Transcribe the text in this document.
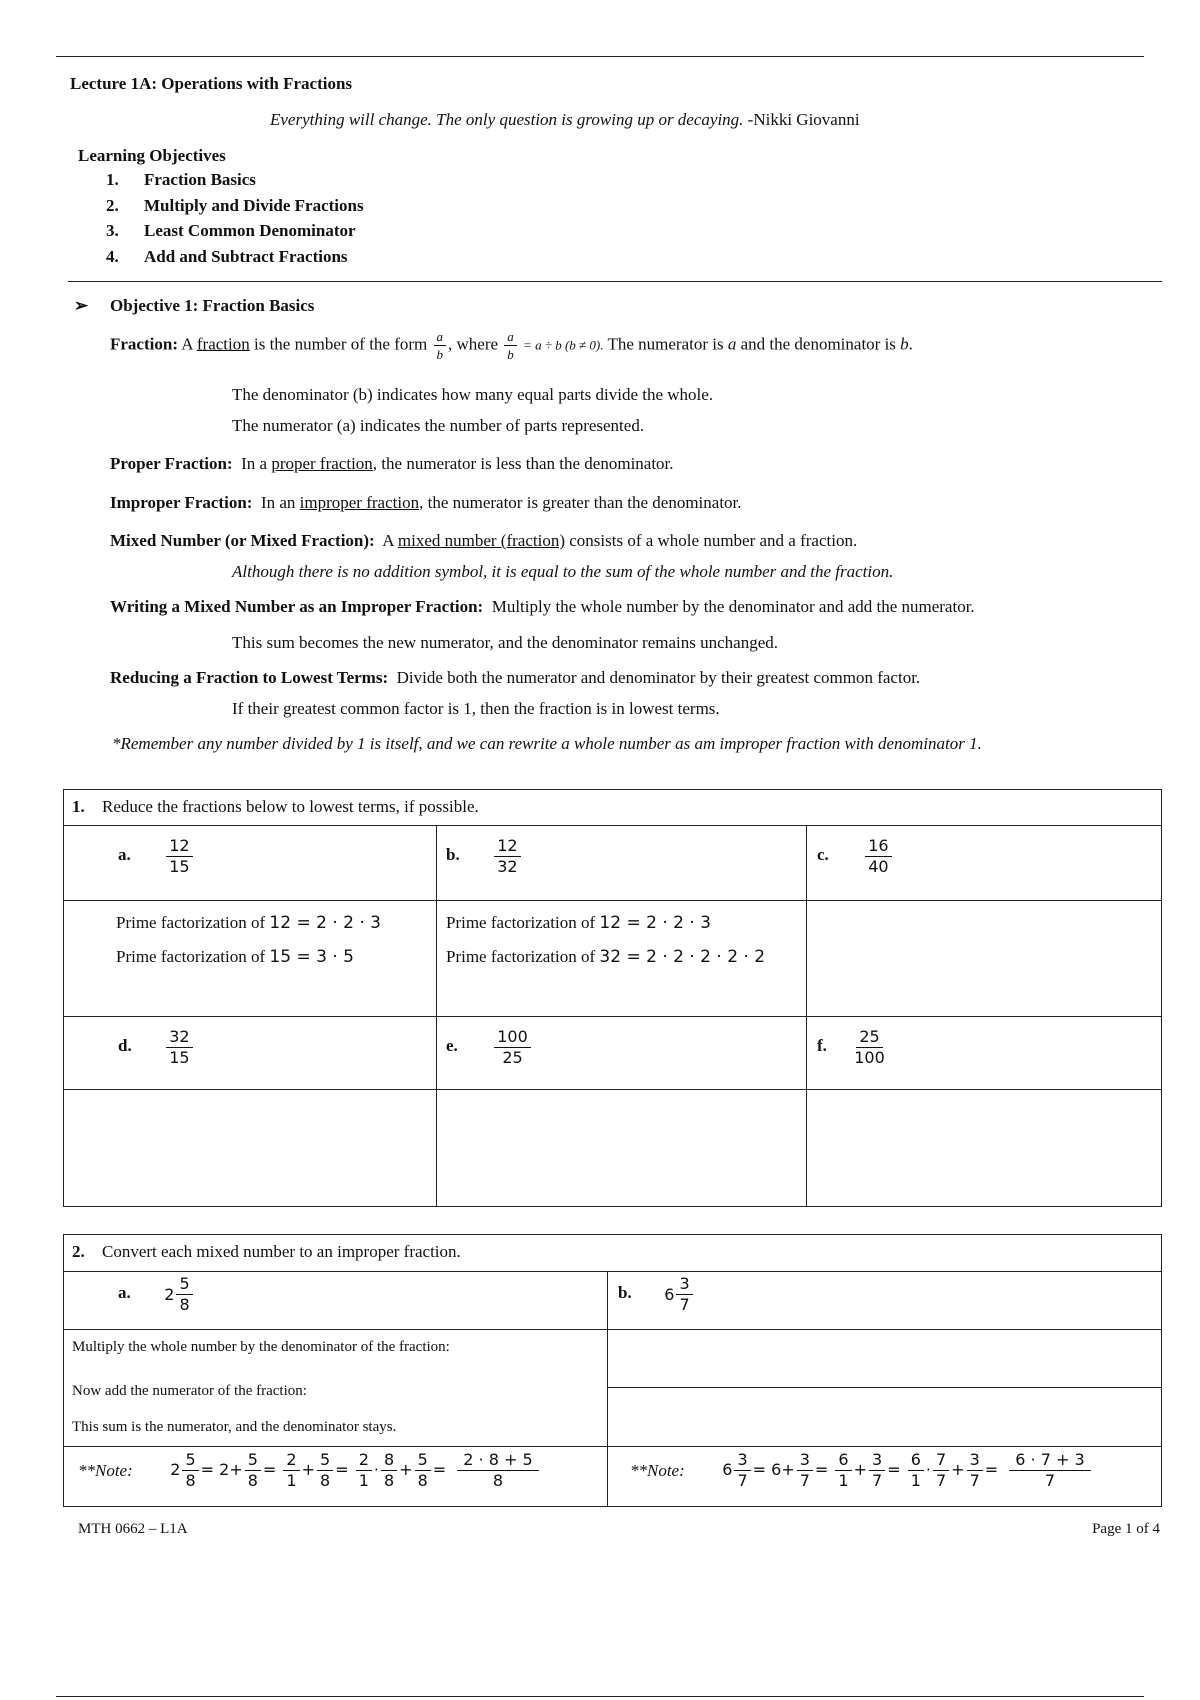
Lecture 1A: Operations with Fractions
Everything will change. The only question is growing up or decaying. -Nikki Giovanni
Learning Objectives
1. Fraction Basics
2. Multiply and Divide Fractions
3. Least Common Denominator
4. Add and Subtract Fractions
➢ Objective 1: Fraction Basics
Fraction: A fraction is the number of the form $\frac{a}{b}$ , where $\frac{a}{b} = a \div b$ (b ≠ 0). The numerator is a and the denominator is b.
The denominator (b) indicates how many equal parts divide the whole.
The numerator (a) indicates the number of parts represented.
Proper Fraction: In a proper fraction, the numerator is less than the denominator.
Improper Fraction: In an improper fraction, the numerator is greater than the denominator.
Mixed Number (or Mixed Fraction): A mixed number (fraction) consists of a whole number and a fraction.
Although there is no addition symbol, it is equal to the sum of the whole number and the fraction.
Writing a Mixed Number as an Improper Fraction: Multiply the whole number by the denominator and add the numerator.
This sum becomes the new numerator, and the denominator remains unchanged.
Reducing a Fraction to Lowest Terms: Divide both the numerator and denominator by their greatest common factor.
If their greatest common factor is 1, then the fraction is in lowest terms.
*Remember any number divided by 1 is itself, and we can rewrite a whole number as am improper fraction with denominator 1.
1. Reduce the fractions below to lowest terms, if possible.
a. $\frac{12}{15}$	b. $\frac{12}{32}$	c. $\frac{16}{40}$
Prime factorization of 12 = 2 · 2 · 3
Prime factorization of 15 = 3 · 5
Prime factorization of 12 = 2 · 2 · 3
Prime factorization of 32 = 2 · 2 · 2 · 2 · 2
d. $\frac{32}{15}$	e. $\frac{100}{25}$	f. $\frac{25}{100}$
2. Convert each mixed number to an improper fraction.
a. $2 \frac{5}{8}$	b. $6 \frac{3}{7}$
Multiply the whole number by the denominator of the fraction:
Now add the numerator of the fraction:
This sum is the numerator, and the denominator stays.
**Note: $2 \frac{5}{8} = 2+ \frac{5}{8} = \frac{2}{1} + \frac{5}{8} = \frac{2}{1} \cdot \frac{8}{8} + \frac{5}{8} = \frac{2 \cdot 8 + 5}{8}$	**Note: $6 \frac{3}{7} = 6+ \frac{3}{7} = \frac{6}{1} + \frac{3}{7} = \frac{6}{1} \cdot \frac{7}{7} + \frac{3}{7} = \frac{6 \cdot 7 + 3}{7}$
MTH 0662 – L1A	Page 1 of 4
